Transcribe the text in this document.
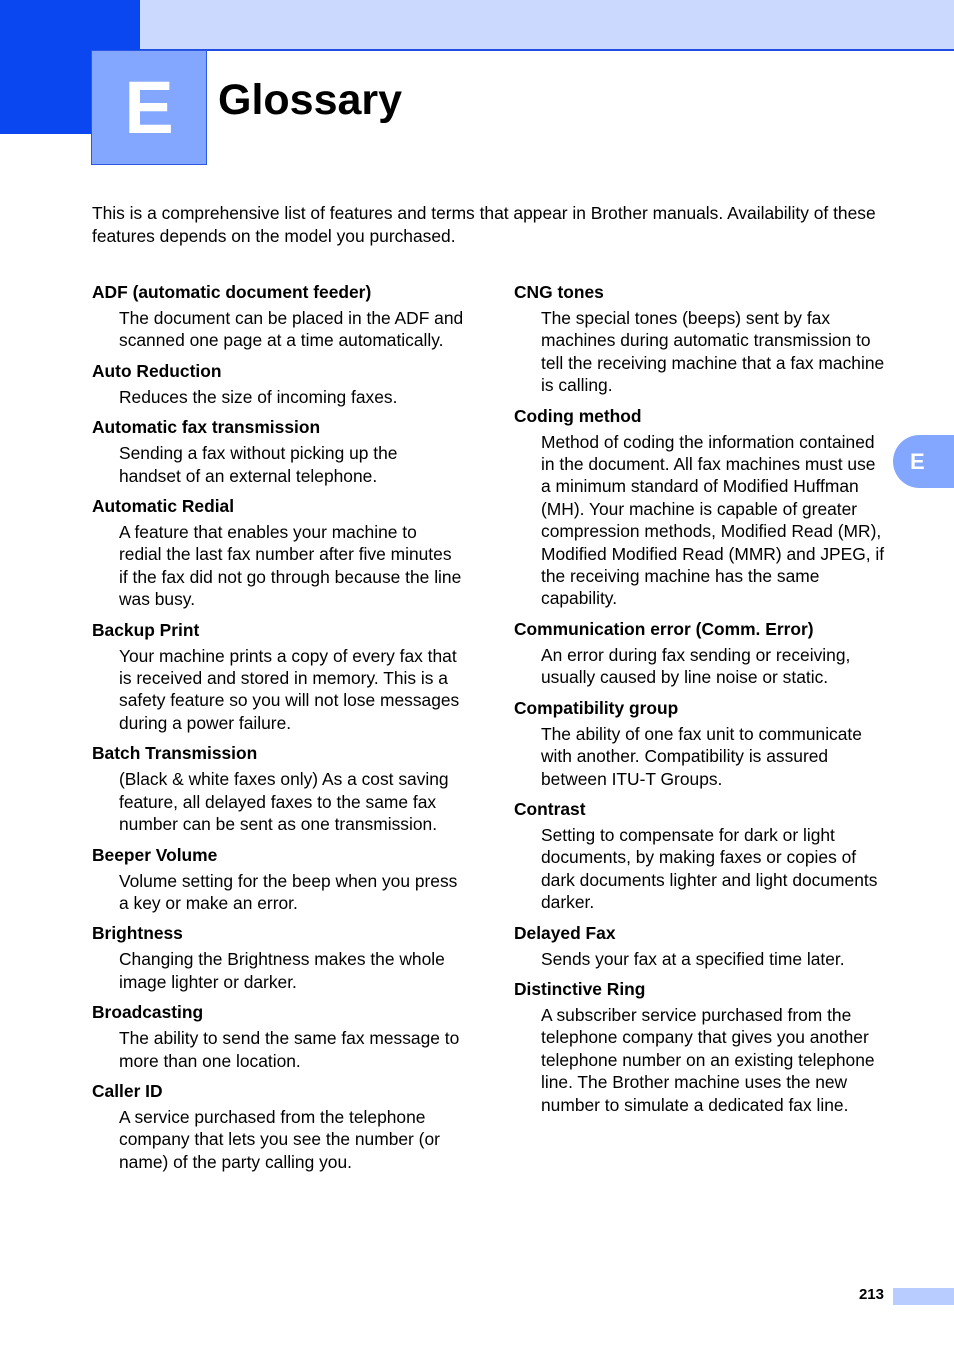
E	Glossary

This is a comprehensive list of features and terms that appear in Brother manuals. Availability of these features depends on the model you purchased.

ADF (automatic document feeder)

The document can be placed in the ADF and scanned one page at a time automatically.

Auto Reduction

Reduces the size of incoming faxes.

Automatic fax transmission

Sending a fax without picking up the handset of an external telephone.

Automatic Redial

A feature that enables your machine to redial the last fax number after five minutes if the fax did not go through because the line was busy.

Backup Print

Your machine prints a copy of every fax that is received and stored in memory. This is a safety feature so you will not lose messages during a power failure.

Batch Transmission

(Black & white faxes only) As a cost saving feature, all delayed faxes to the same fax number can be sent as one transmission.

Beeper Volume

Volume setting for the beep when you press a key or make an error.

Brightness

Changing the Brightness makes the whole image lighter or darker.

Broadcasting

The ability to send the same fax message to more than one location.

Caller ID

A service purchased from the telephone company that lets you see the number (or name) of the party calling you.

CNG tones

The special tones (beeps) sent by fax machines during automatic transmission to tell the receiving machine that a fax machine is calling.

Coding method

Method of coding the information contained in the document. All fax machines must use a minimum standard of Modified Huffman (MH). Your machine is capable of greater compression methods, Modified Read (MR), Modified Modified Read (MMR) and JPEG, if the receiving machine has the same capability.

Communication error (Comm. Error)

An error during fax sending or receiving, usually caused by line noise or static.

Compatibility group

The ability of one fax unit to communicate with another. Compatibility is assured between ITU-T Groups.

Contrast

Setting to compensate for dark or light documents, by making faxes or copies of dark documents lighter and light documents darker.

Delayed Fax

Sends your fax at a specified time later.

Distinctive Ring

A subscriber service purchased from the telephone company that gives you another telephone number on an existing telephone line. The Brother machine uses the new number to simulate a dedicated fax line.

E
213
